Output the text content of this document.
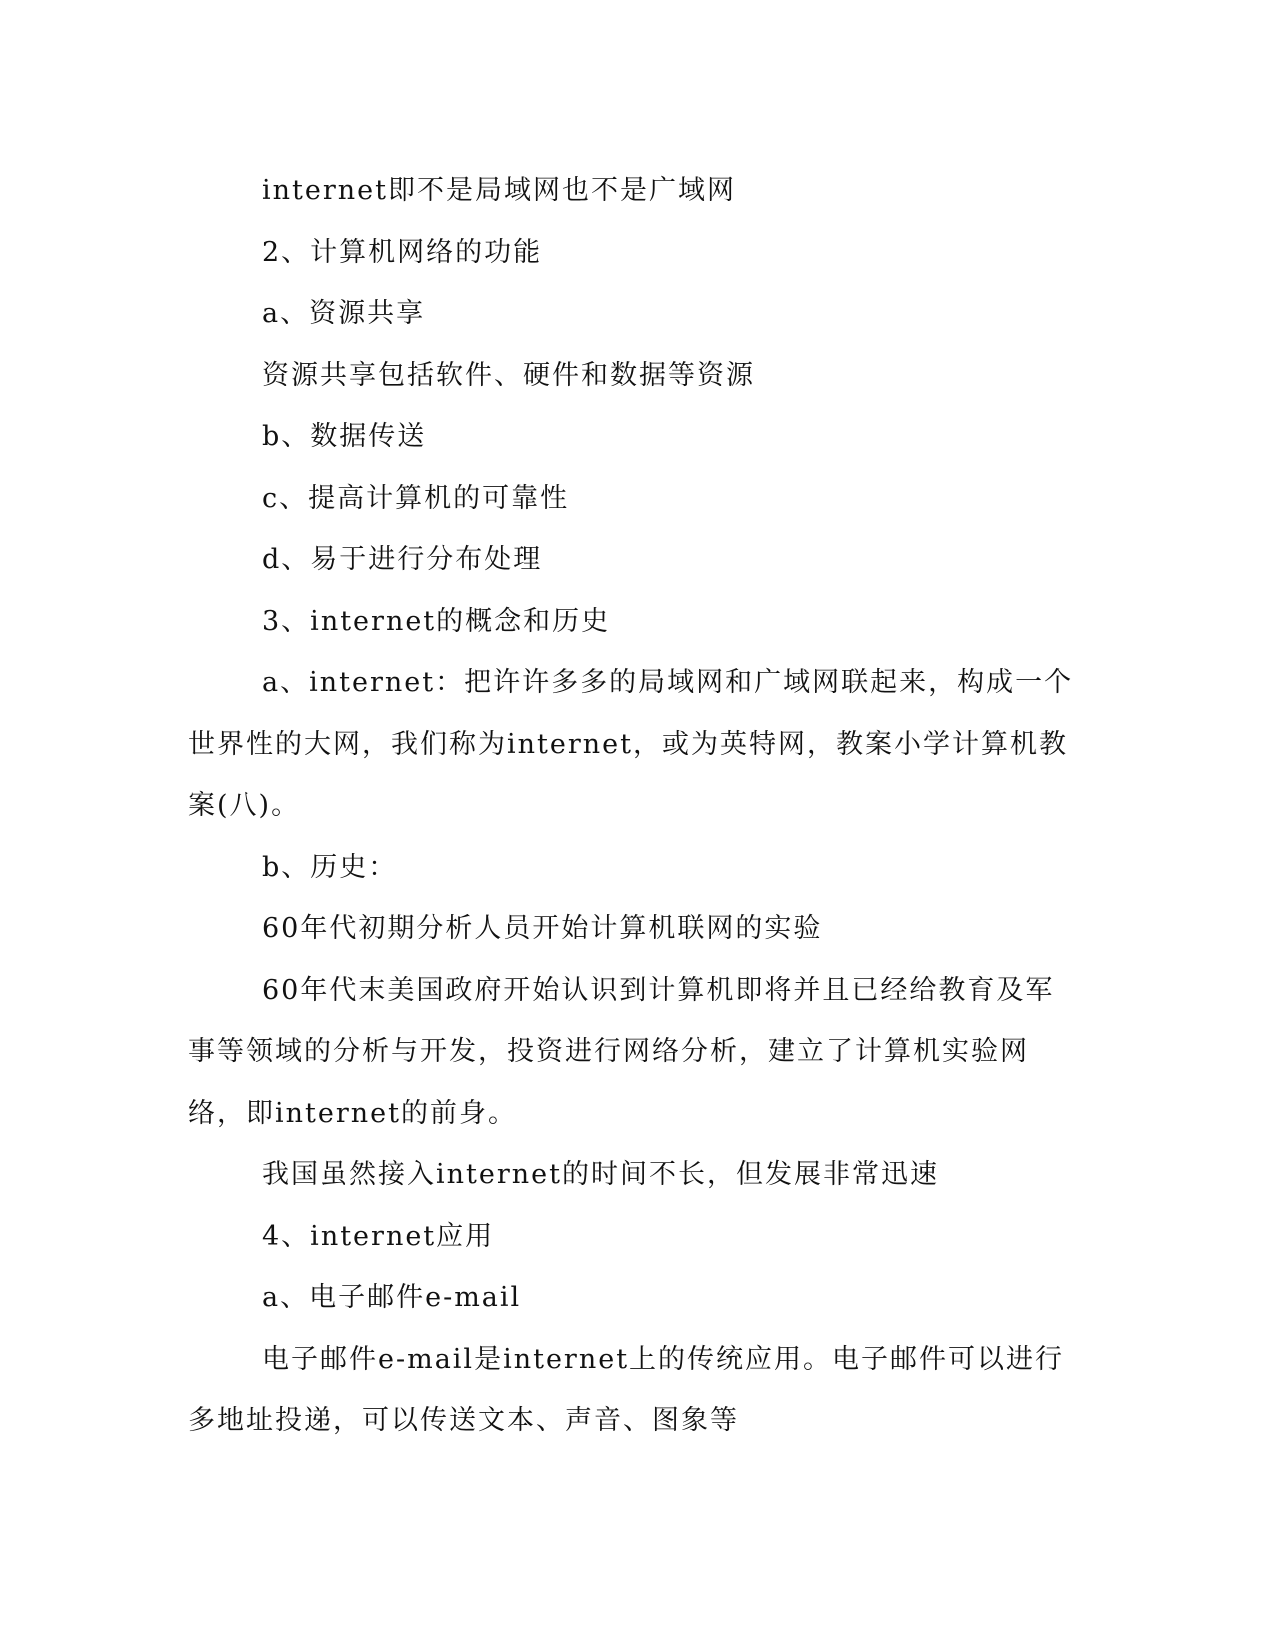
internet即不是局域网也不是广域网

2、计算机网络的功能

a、资源共享

资源共享包括软件、硬件和数据等资源

b、数据传送

c、提高计算机的可靠性

d、易于进行分布处理

3、internet的概念和历史

a、internet：把许许多多的局域网和广域网联起来，构成一个世界性的大网，我们称为internet，或为英特网，教案小学计算机教案(八)。

b、历史：

60年代初期分析人员开始计算机联网的实验

60年代末美国政府开始认识到计算机即将并且已经给教育及军事等领域的分析与开发，投资进行网络分析，建立了计算机实验网络，即internet的前身。

我国虽然接入internet的时间不长，但发展非常迅速

4、internet应用

a、电子邮件e-mail

电子邮件e-mail是internet上的传统应用。电子邮件可以进行多地址投递，可以传送文本、声音、图象等
